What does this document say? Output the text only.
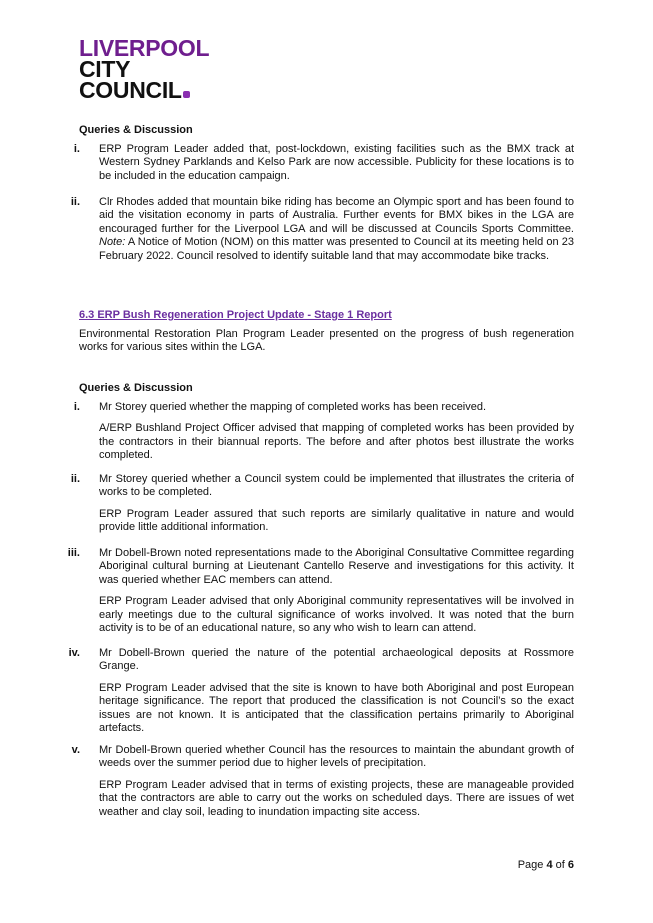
LIVERPOOL
CITY
COUNCIL
Queries & Discussion
i. ERP Program Leader added that, post-lockdown, existing facilities such as the BMX track at Western Sydney Parklands and Kelso Park are now accessible. Publicity for these locations is to be included in the education campaign.

ii. Clr Rhodes added that mountain bike riding has become an Olympic sport and has been found to aid the visitation economy in parts of Australia. Further events for BMX bikes in the LGA are encouraged further for the Liverpool LGA and will be discussed at Councils Sports Committee. Note: A Notice of Motion (NOM) on this matter was presented to Council at its meeting held on 23 February 2022. Council resolved to identify suitable land that may accommodate bike tracks.

6.3 ERP Bush Regeneration Project Update - Stage 1 Report

Environmental Restoration Plan Program Leader presented on the progress of bush regeneration works for various sites within the LGA.

Queries & Discussion
i. Mr Storey queried whether the mapping of completed works has been received.

A/ERP Bushland Project Officer advised that mapping of completed works has been provided by the contractors in their biannual reports. The before and after photos best illustrate the works completed.

ii. Mr Storey queried whether a Council system could be implemented that illustrates the criteria of works to be completed.

ERP Program Leader assured that such reports are similarly qualitative in nature and would provide little additional information.

iii. Mr Dobell-Brown noted representations made to the Aboriginal Consultative Committee regarding Aboriginal cultural burning at Lieutenant Cantello Reserve and investigations for this activity. It was queried whether EAC members can attend.

ERP Program Leader advised that only Aboriginal community representatives will be involved in early meetings due to the cultural significance of works involved. It was noted that the burn activity is to be of an educational nature, so any who wish to learn can attend.

iv. Mr Dobell-Brown queried the nature of the potential archaeological deposits at Rossmore Grange.

ERP Program Leader advised that the site is known to have both Aboriginal and post European heritage significance. The report that produced the classification is not Council’s so the exact issues are not known. It is anticipated that the classification pertains primarily to Aboriginal artefacts.

v. Mr Dobell-Brown queried whether Council has the resources to maintain the abundant growth of weeds over the summer period due to higher levels of precipitation.

ERP Program Leader advised that in terms of existing projects, these are manageable provided that the contractors are able to carry out the works on scheduled days. There are issues of wet weather and clay soil, leading to inundation impacting site access.

Page 4 of 6
